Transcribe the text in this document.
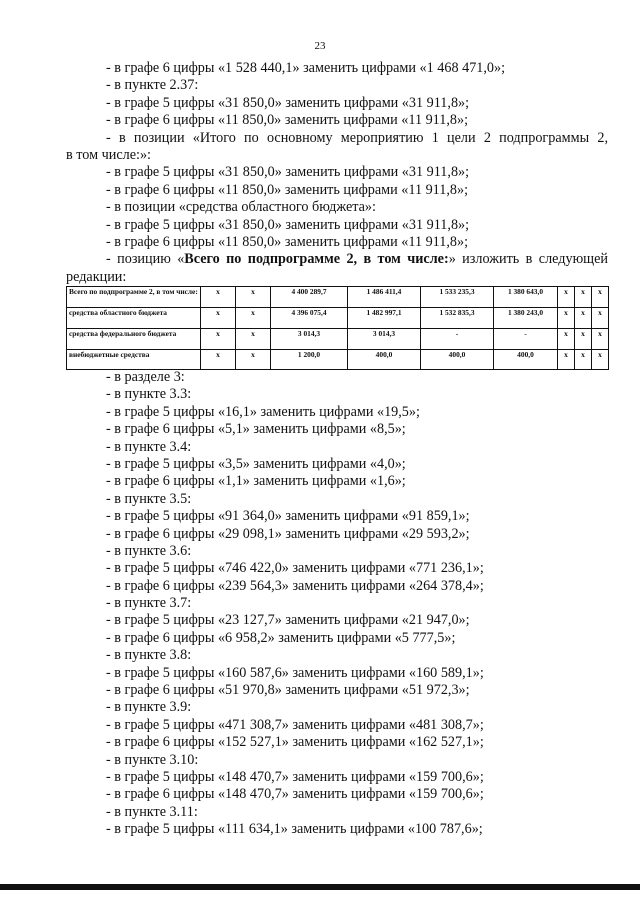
23
- в графе 6 цифры «1 528 440,1» заменить цифрами «1 468 471,0»;
- в пункте 2.37:
- в графе 5 цифры «31 850,0» заменить цифрами «31 911,8»;
- в графе 6 цифры «11 850,0» заменить цифрами «11 911,8»;
- в позиции «Итого по основному мероприятию 1 цели 2 подпрограммы 2,
в том числе:»:
- в графе 5 цифры «31 850,0» заменить цифрами «31 911,8»;
- в графе 6 цифры «11 850,0» заменить цифрами «11 911,8»;
- в позиции «средства областного бюджета»:
- в графе 5 цифры «31 850,0» заменить цифрами «31 911,8»;
- в графе 6 цифры «11 850,0» заменить цифрами «11 911,8»;
- позицию «Всего по подпрограмме 2, в том числе:» изложить в следующей
редакции:
Всего по подпрограмме 2, в том числе:	х	х	4 400 289,7	1 486 411,4	1 533 235,3	1 380 643,0	х	х	х
средства областного бюджета	х	х	4 396 075,4	1 482 997,1	1 532 835,3	1 380 243,0	х	х	х
средства федерального бюджета	х	х	3 014,3	3 014,3	-	-	х	х	х
внебюджетные средства	х	х	1 200,0	400,0	400,0	400,0	х	х	х
- в разделе 3:
- в пункте 3.3:
- в графе 5 цифры «16,1» заменить цифрами «19,5»;
- в графе 6 цифры «5,1» заменить цифрами «8,5»;
- в пункте 3.4:
- в графе 5 цифры «3,5» заменить цифрами «4,0»;
- в графе 6 цифры «1,1» заменить цифрами «1,6»;
- в пункте 3.5:
- в графе 5 цифры «91 364,0» заменить цифрами «91 859,1»;
- в графе 6 цифры «29 098,1» заменить цифрами «29 593,2»;
- в пункте 3.6:
- в графе 5 цифры «746 422,0» заменить цифрами «771 236,1»;
- в графе 6 цифры «239 564,3» заменить цифрами «264 378,4»;
- в пункте 3.7:
- в графе 5 цифры «23 127,7» заменить цифрами «21 947,0»;
- в графе 6 цифры «6 958,2» заменить цифрами «5 777,5»;
- в пункте 3.8:
- в графе 5 цифры «160 587,6» заменить цифрами «160 589,1»;
- в графе 6 цифры «51 970,8» заменить цифрами «51 972,3»;
- в пункте 3.9:
- в графе 5 цифры «471 308,7» заменить цифрами «481 308,7»;
- в графе 6 цифры «152 527,1» заменить цифрами «162 527,1»;
- в пункте 3.10:
- в графе 5 цифры «148 470,7» заменить цифрами «159 700,6»;
- в графе 6 цифры «148 470,7» заменить цифрами «159 700,6»;
- в пункте 3.11:
- в графе 5 цифры «111 634,1» заменить цифрами «100 787,6»;
